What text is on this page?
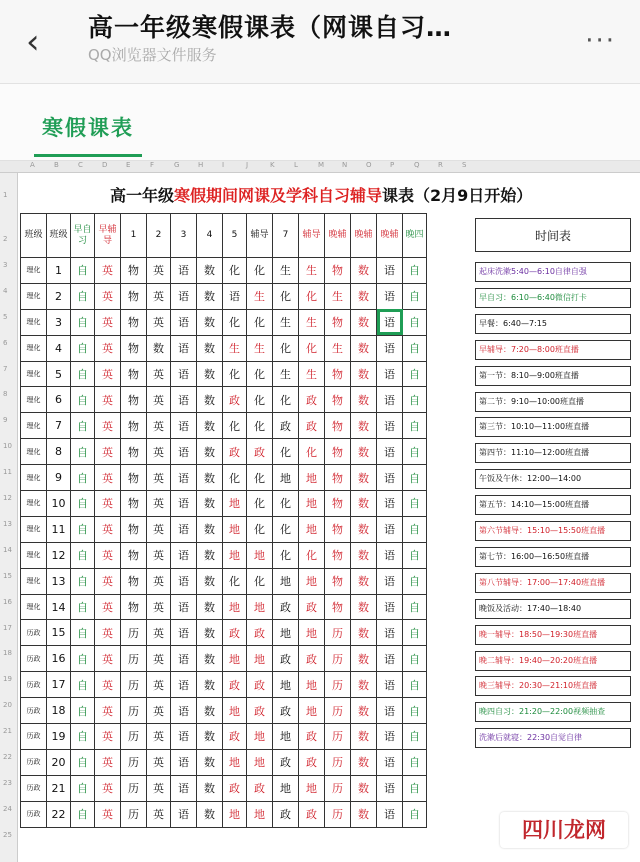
‹	高一年级寒假课表（网课自习…
QQ浏览器文件服务	···
寒假课表
A	B	C	D	E	F	G	H	I	J	K	L	M	N	O	P	Q	R	S
1
2
3
4
5
6
7
8
9
10
11
12
13
14
15
16
17
18
19
20
21
22
23
24
25
高一年级寒假期间网课及学科自习辅导课表（2月9日开始）
班级	班级	早自习	早辅导	1	2	3	4	5	辅导	7	辅导	晚辅	晚辅	晚辅	晚四
理化	1	自	英	物	英	语	数	化	化	生	生	物	数	语	自
理化	2	自	英	物	英	语	数	语	生	化	化	生	数	语	自
理化	3	自	英	物	英	语	数	化	化	生	生	物	数	语	自
理化	4	自	英	物	数	语	数	生	生	化	化	生	数	语	自
理化	5	自	英	物	英	语	数	化	化	生	生	物	数	语	自
理化	6	自	英	物	英	语	数	政	化	化	政	物	数	语	自
理化	7	自	英	物	英	语	数	化	化	政	政	物	数	语	自
理化	8	自	英	物	英	语	数	政	政	化	化	物	数	语	自
理化	9	自	英	物	英	语	数	化	化	地	地	物	数	语	自
理化	10	自	英	物	英	语	数	地	化	化	地	物	数	语	自
理化	11	自	英	物	英	语	数	地	化	化	地	物	数	语	自
理化	12	自	英	物	英	语	数	地	地	化	化	物	数	语	自
理化	13	自	英	物	英	语	数	化	化	地	地	物	数	语	自
理化	14	自	英	物	英	语	数	地	地	政	政	物	数	语	自
历政	15	自	英	历	英	语	数	政	政	地	地	历	数	语	自
历政	16	自	英	历	英	语	数	地	地	政	政	历	数	语	自
历政	17	自	英	历	英	语	数	政	政	地	地	历	数	语	自
历政	18	自	英	历	英	语	数	地	政	政	地	历	数	语	自
历政	19	自	英	历	英	语	数	政	地	地	政	历	数	语	自
历政	20	自	英	历	英	语	数	地	地	政	政	历	数	语	自
历政	21	自	英	历	英	语	数	政	政	地	地	历	数	语	自
历政	22	自	英	历	英	语	数	地	地	政	政	历	数	语	自
时间表
起床洗漱5:40—6:10自律自强
早自习：6:10—6:40微信打卡
早餐：6:40—7:15
早辅导：7:20—8:00班直播
第一节：8:10—9:00班直播
第二节：9:10—10:00班直播
第三节：10:10—11:00班直播
第四节：11:10—12:00班直播
午饭及午休：12:00—14:00
第五节：14:10—15:00班直播
第六节辅导：15:10—15:50班直播
第七节：16:00—16:50班直播
第八节辅导：17:00—17:40班直播
晚饭及活动：17:40—18:40
晚一辅导：18:50—19:30班直播
晚二辅导：19:40—20:20班直播
晚三辅导：20:30—21:10班直播
晚四自习：21:20—22:00视频抽查
洗漱后就寝：22:30自觉自律
四川龙网
